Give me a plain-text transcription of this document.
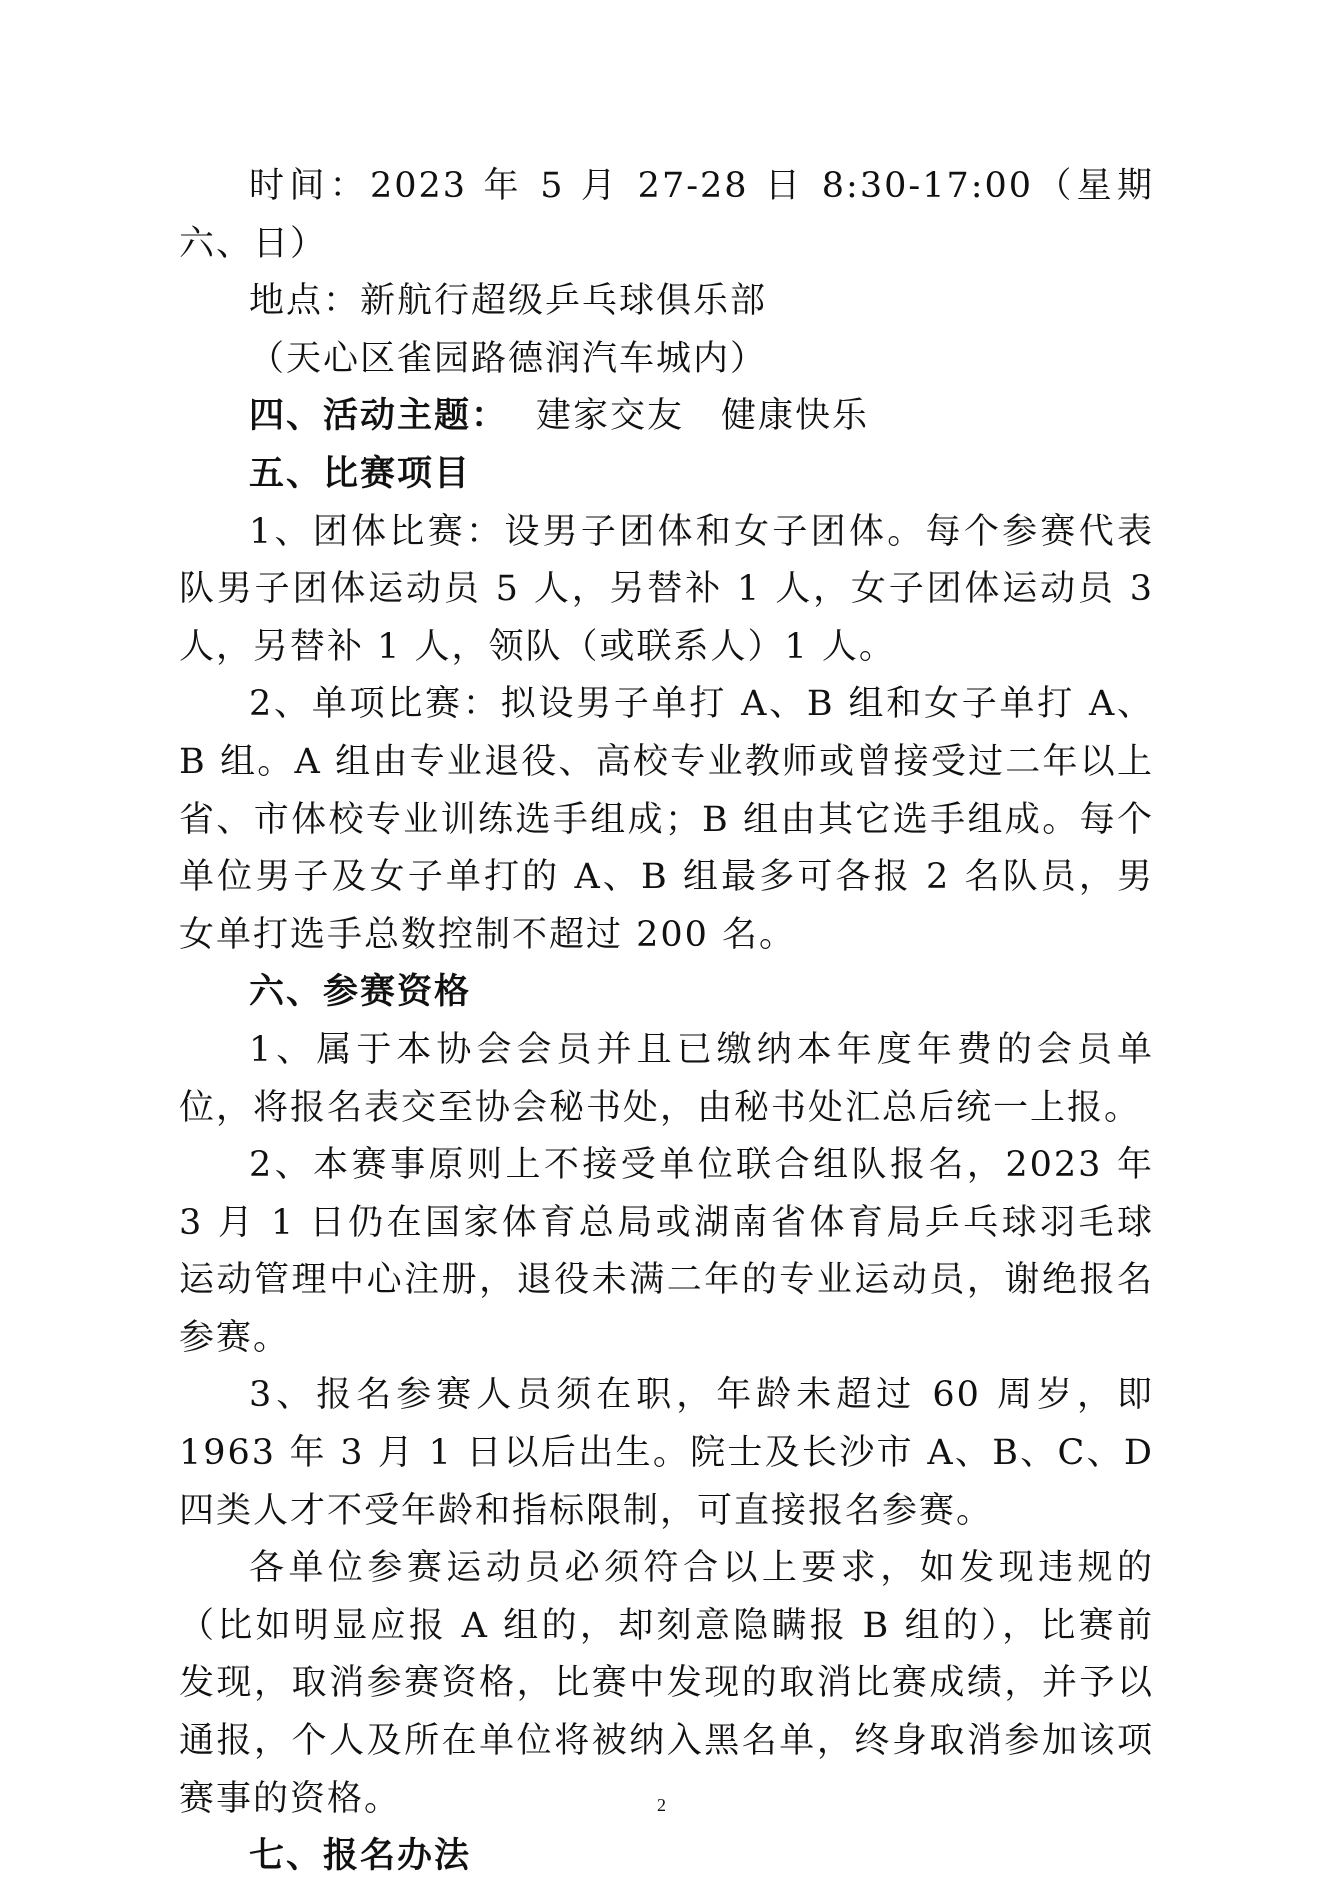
时间：2023 年 5 月 27-28 日 8:30-17:00（星期六、日）

地点：新航行超级乒乓球俱乐部

（天心区雀园路德润汽车城内）

四、活动主题： 建家交友　健康快乐

五、比赛项目

1、团体比赛：设男子团体和女子团体。每个参赛代表队男子团体运动员 5 人，另替补 1 人，女子团体运动员 3 人，另替补 1 人，领队（或联系人）1 人。

2、单项比赛：拟设男子单打 A、B 组和女子单打 A、B 组。A 组由专业退役、高校专业教师或曾接受过二年以上省、市体校专业训练选手组成；B 组由其它选手组成。每个单位男子及女子单打的 A、B 组最多可各报 2 名队员，男女单打选手总数控制不超过 200 名。

六、参赛资格

1、属于本协会会员并且已缴纳本年度年费的会员单位，将报名表交至协会秘书处，由秘书处汇总后统一上报。

2、本赛事原则上不接受单位联合组队报名，2023 年 3 月 1 日仍在国家体育总局或湖南省体育局乒乓球羽毛球运动管理中心注册，退役未满二年的专业运动员，谢绝报名参赛。

3、报名参赛人员须在职，年龄未超过 60 周岁，即 1963 年 3 月 1 日以后出生。院士及长沙市 A、B、C、D 四类人才不受年龄和指标限制，可直接报名参赛。

各单位参赛运动员必须符合以上要求，如发现违规的（比如明显应报 A 组的，却刻意隐瞒报 B 组的），比赛前发现，取消参赛资格，比赛中发现的取消比赛成绩，并予以通报，个人及所在单位将被纳入黑名单，终身取消参加该项赛事的资格。

七、报名办法

2
